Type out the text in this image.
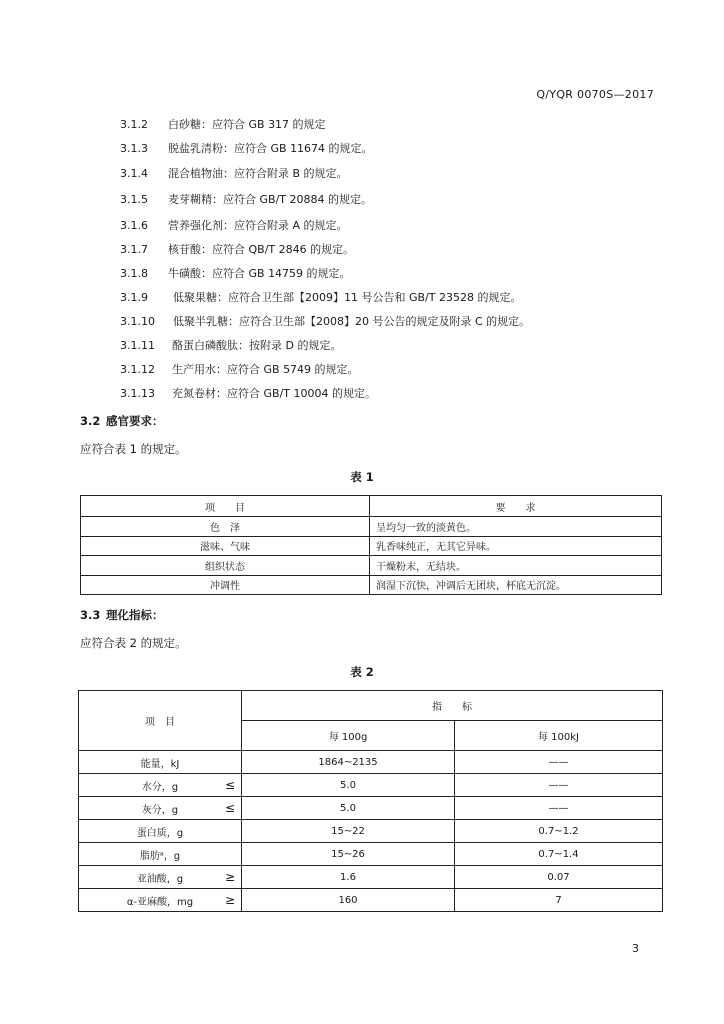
Q/YQR 0070S—2017
3.1.2 白砂糖：应符合 GB 317 的规定
3.1.3 脱盐乳清粉：应符合 GB 11674 的规定。
3.1.4 混合植物油：应符合附录 B 的规定。
3.1.5 麦芽糊精：应符合 GB/T 20884 的规定。
3.1.6 营养强化剂：应符合附录 A 的规定。
3.1.7 核苷酸：应符合 QB/T 2846 的规定。
3.1.8 牛磺酸：应符合 GB 14759 的规定。
3.1.9 低聚果糖：应符合卫生部【2009】11 号公告和 GB/T 23528 的规定。
3.1.10 低聚半乳糖：应符合卫生部【2008】20 号公告的规定及附录 C 的规定。
3.1.11 酪蛋白磷酸肽：按附录 D 的规定。
3.1.12 生产用水：应符合 GB 5749 的规定。
3.1.13 充氮卷材：应符合 GB/T 10004 的规定。
3.2 感官要求：
应符合表 1 的规定。
表 1
项　　目	要　　求
色　泽	呈均匀一致的淡黄色。
滋味、气味	乳香味纯正，无其它异味。
组织状态	干燥粉末，无结块。
冲调性	润湿下沉快，冲调后无团块，杯底无沉淀。
3.3 理化指标：
应符合表 2 的规定。
表 2
项　目	指　　标	
	每 100g	每 100kJ
能量，kJ	1864~2135	——
水分，g ≤	5.0	——
灰分，g ≤	5.0	——
蛋白质，g	15~22	0.7~1.2
脂肪ᵃ，g	15~26	0.7~1.4
亚油酸，g ≥	1.6	0.07
α-亚麻酸，mg ≥	160	7
3
